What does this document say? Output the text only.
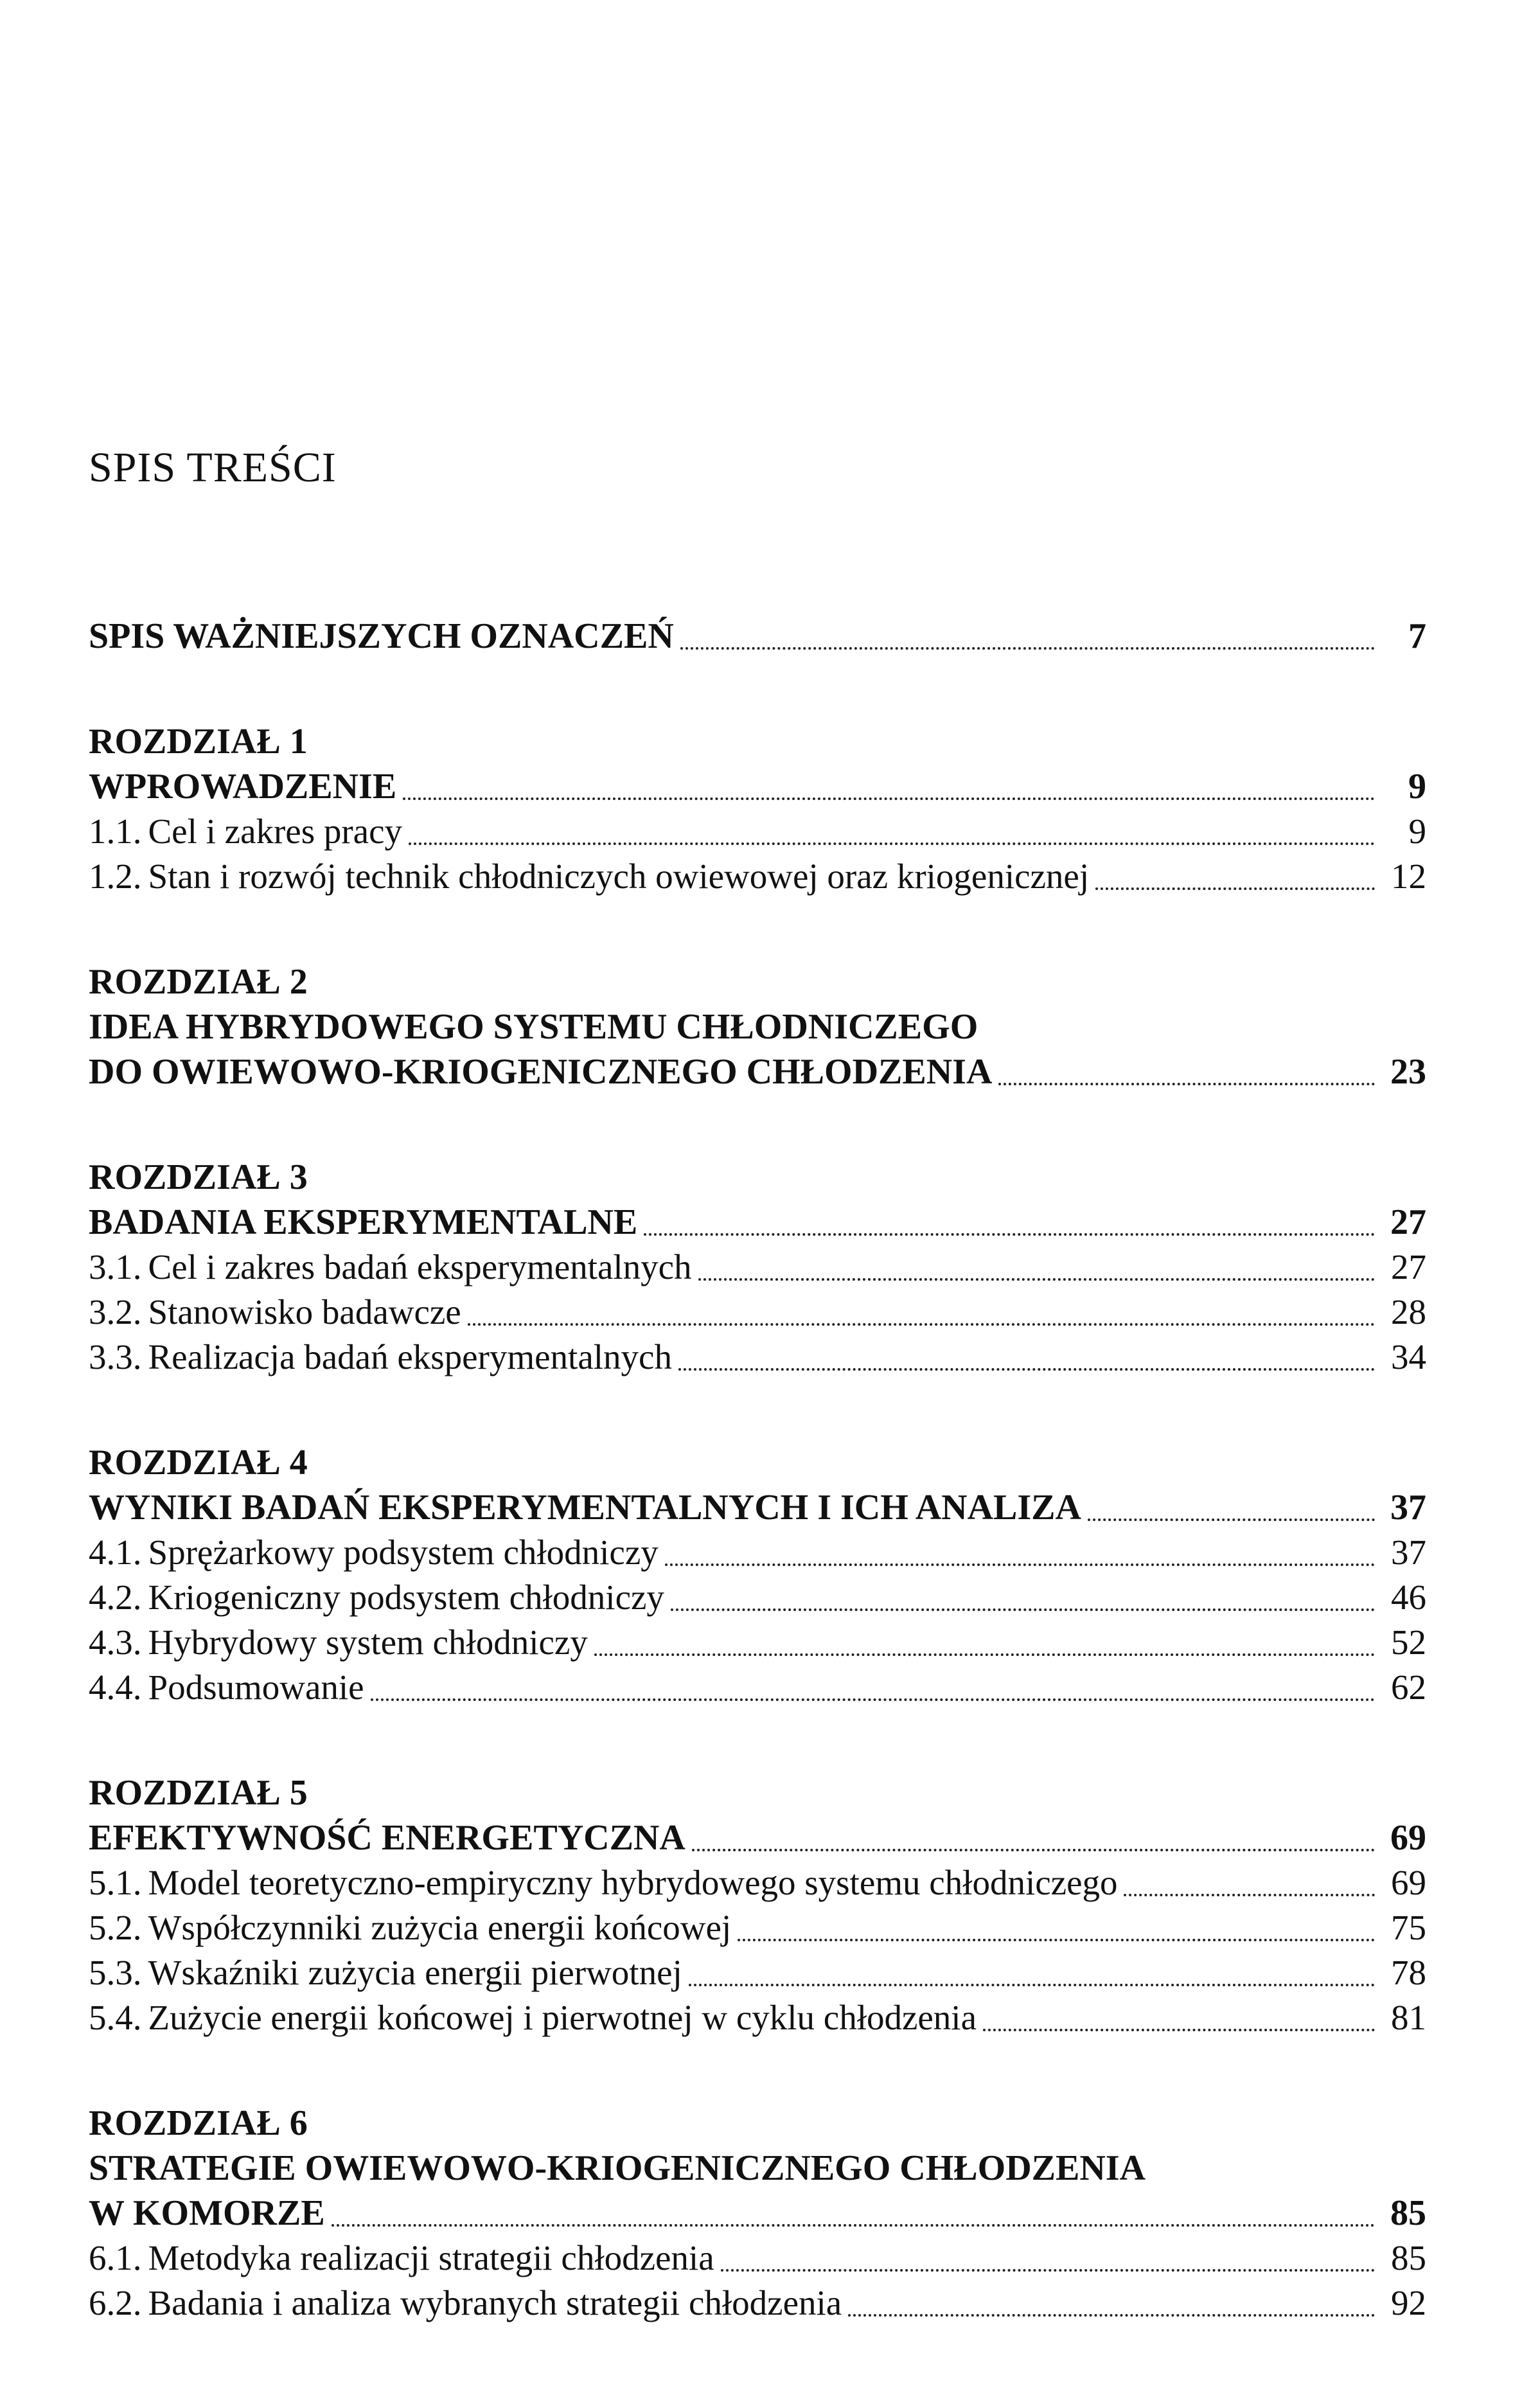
SPIS TREŚCI
SPIS WAŻNIEJSZYCH OZNACZEŃ	7
ROZDZIAŁ 1
WPROWADZENIE	9
1.1. Cel i zakres pracy	9
1.2. Stan i rozwój technik chłodniczych owiewowej oraz kriogenicznej	12
ROZDZIAŁ 2
IDEA HYBRYDOWEGO SYSTEMU CHŁODNICZEGO
DO OWIEWOWO-KRIOGENICZNEGO CHŁODZENIA	23
ROZDZIAŁ 3
BADANIA EKSPERYMENTALNE	27
3.1. Cel i zakres badań eksperymentalnych	27
3.2. Stanowisko badawcze	28
3.3. Realizacja badań eksperymentalnych	34
ROZDZIAŁ 4
WYNIKI BADAŃ EKSPERYMENTALNYCH I ICH ANALIZA	37
4.1. Sprężarkowy podsystem chłodniczy	37
4.2. Kriogeniczny podsystem chłodniczy	46
4.3. Hybrydowy system chłodniczy	52
4.4. Podsumowanie	62
ROZDZIAŁ 5
EFEKTYWNOŚĆ ENERGETYCZNA	69
5.1. Model teoretyczno-empiryczny hybrydowego systemu chłodniczego	69
5.2. Współczynniki zużycia energii końcowej	75
5.3. Wskaźniki zużycia energii pierwotnej	78
5.4. Zużycie energii końcowej i pierwotnej w cyklu chłodzenia	81
ROZDZIAŁ 6
STRATEGIE OWIEWOWO-KRIOGENICZNEGO CHŁODZENIA
W KOMORZE	85
6.1. Metodyka realizacji strategii chłodzenia	85
6.2. Badania i analiza wybranych strategii chłodzenia	92
